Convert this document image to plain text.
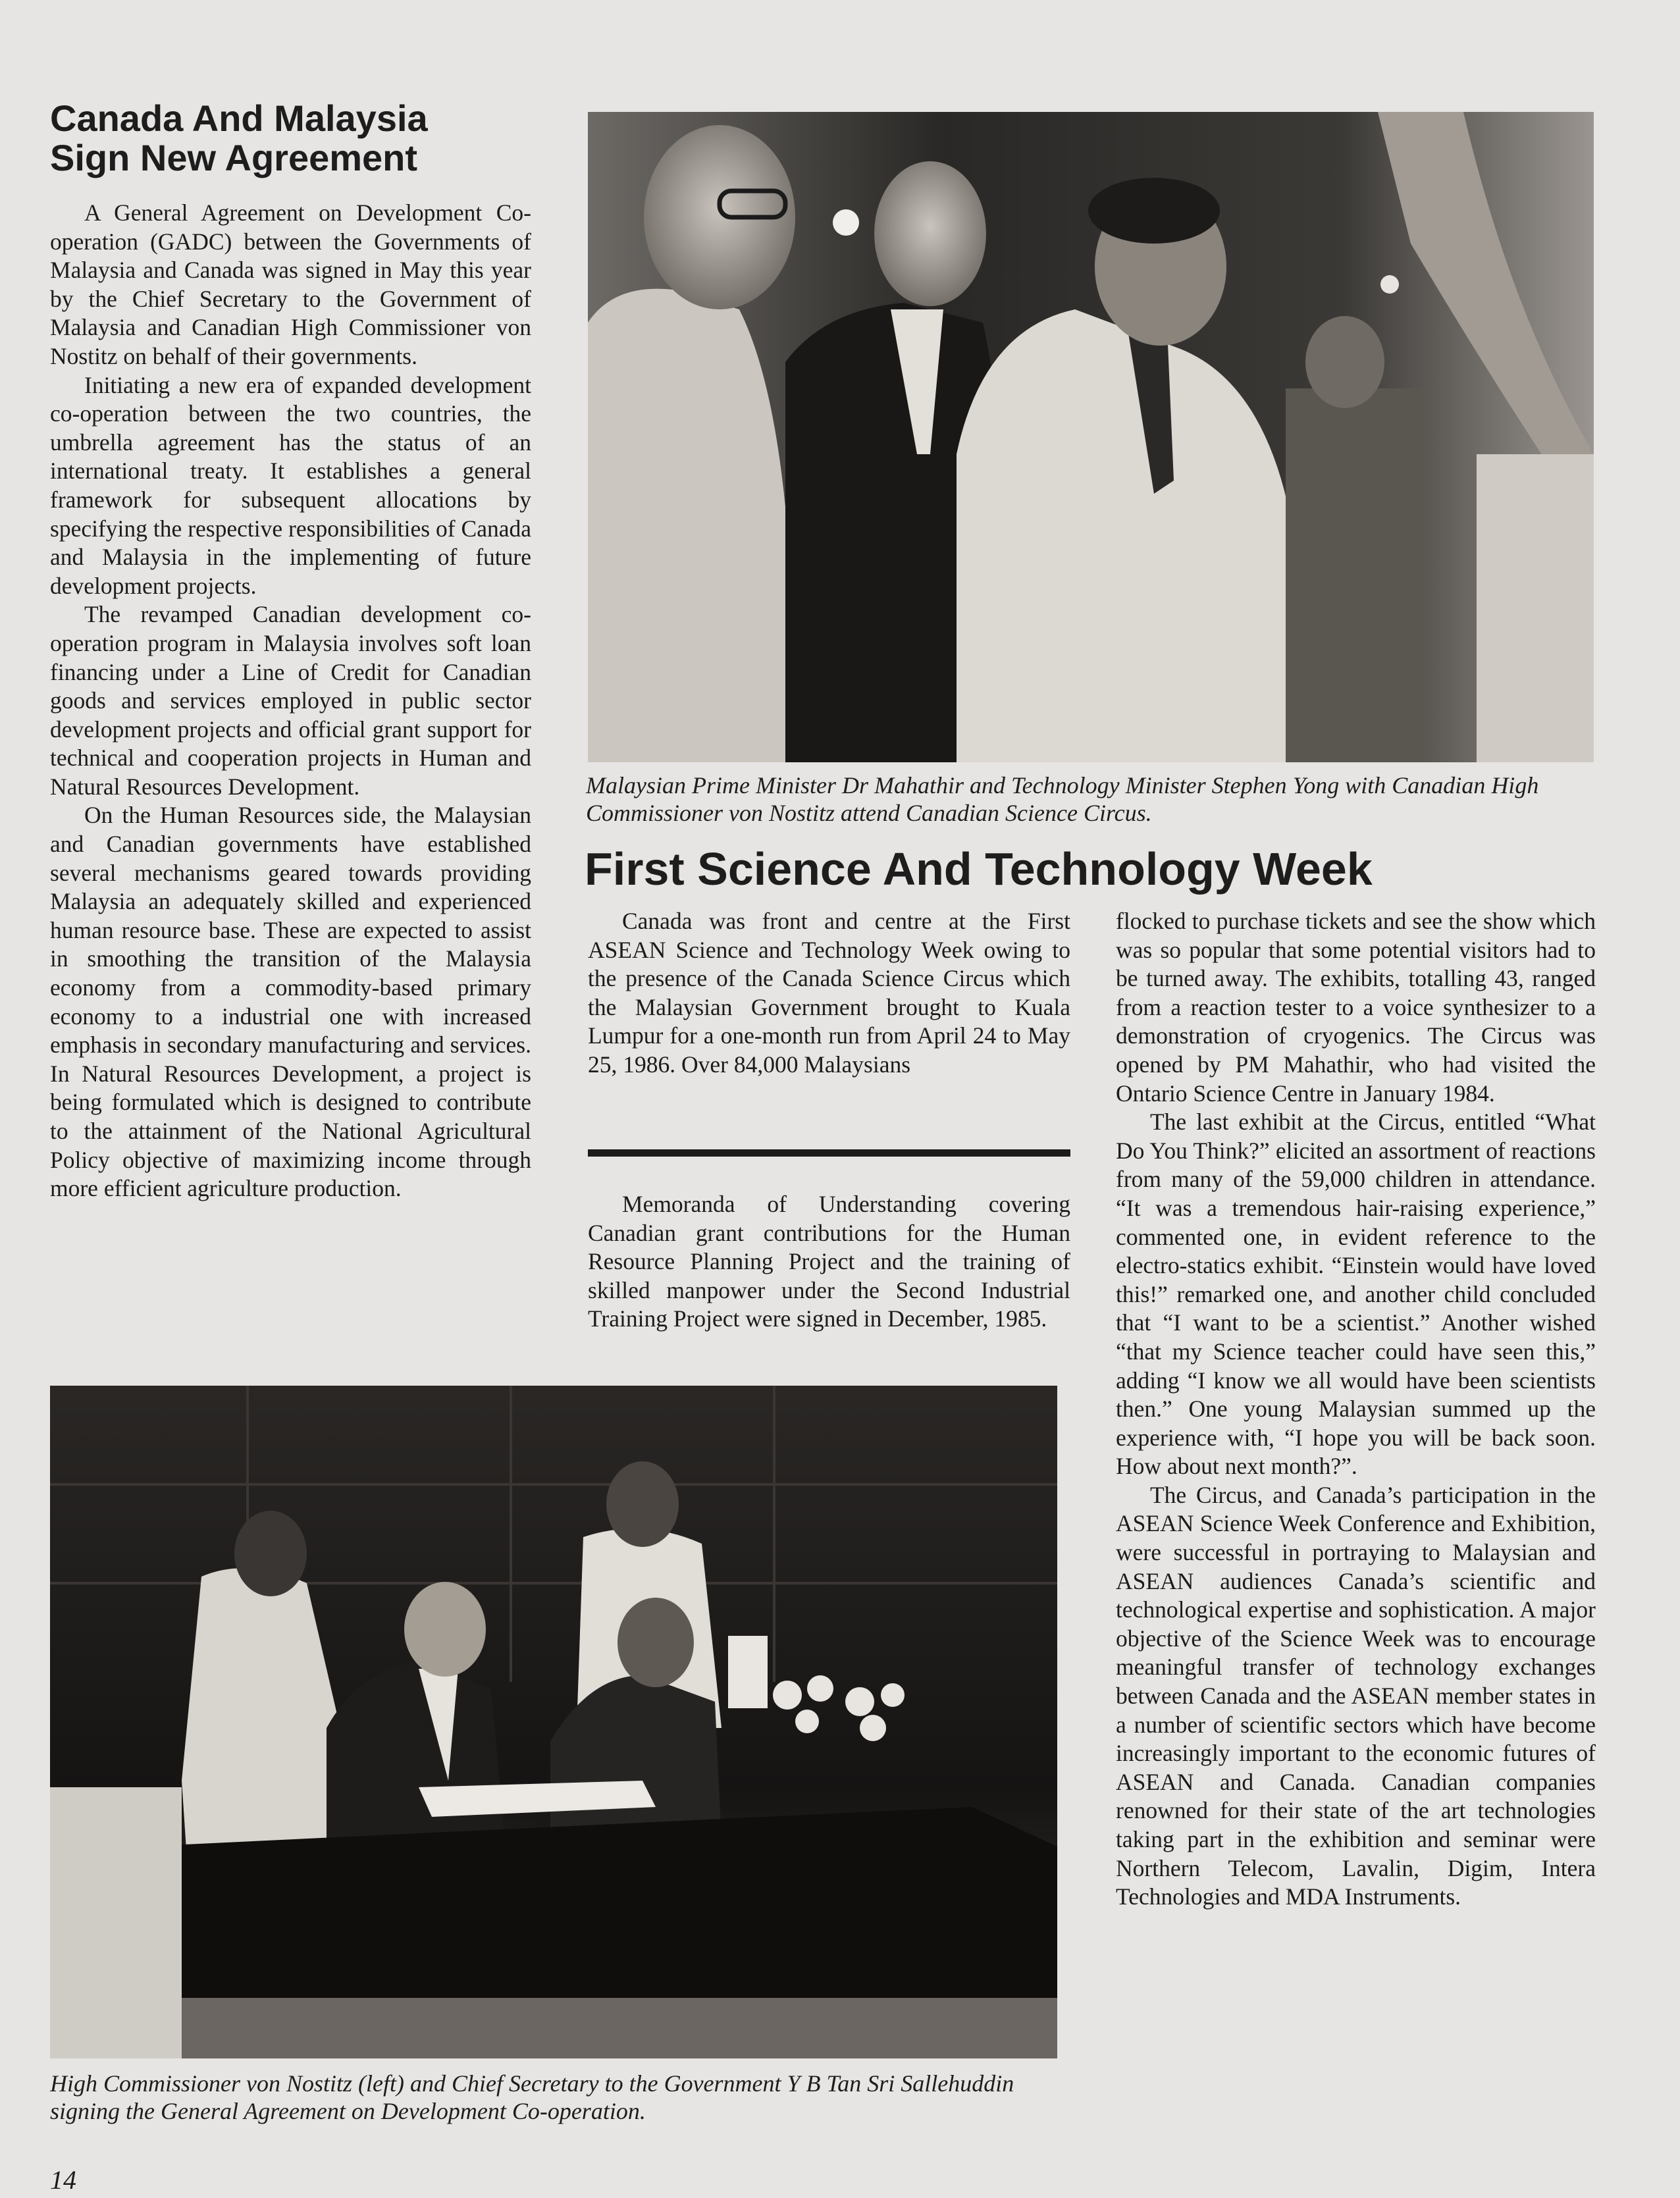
Canada And Malaysia Sign New Agreement

A General Agreement on Development Co-operation (GADC) between the Governments of Malaysia and Canada was signed in May this year by the Chief Secretary to the Government of Malaysia and Canadian High Commissioner von Nostitz on behalf of their governments.

Initiating a new era of expanded development co-operation between the two countries, the umbrella agreement has the status of an international treaty. It establishes a general framework for subsequent allocations by specifying the respective responsibilities of Canada and Malaysia in the implementing of future development projects.

The revamped Canadian development co-operation program in Malaysia involves soft loan financing under a Line of Credit for Canadian goods and services employed in public sector development projects and official grant support for technical and cooperation projects in Human and Natural Resources Development.

On the Human Resources side, the Malaysian and Canadian governments have established several mechanisms geared towards providing Malaysia an adequately skilled and experienced human resource base. These are expected to assist in smoothing the transition of the Malaysia economy from a commodity-based primary economy to a industrial one with increased emphasis in secondary manufacturing and services. In Natural Resources Development, a project is being formulated which is designed to contribute to the attainment of the National Agricultural Policy objective of maximizing income through more efficient agriculture production.

Malaysian Prime Minister Dr Mahathir and Technology Minister Stephen Yong with Canadian High Commissioner von Nostitz attend Canadian Science Circus.

First Science And Technology Week

Canada was front and centre at the First ASEAN Science and Technology Week owing to the presence of the Canada Science Circus which the Malaysian Government brought to Kuala Lumpur for a one-month run from April 24 to May 25, 1986. Over 84,000 Malaysians

Memoranda of Understanding covering Canadian grant contributions for the Human Resource Planning Project and the training of skilled manpower under the Second Industrial Training Project were signed in December, 1985.

flocked to purchase tickets and see the show which was so popular that some potential visitors had to be turned away. The exhibits, totalling 43, ranged from a reaction tester to a voice synthesizer to a demonstration of cryogenics. The Circus was opened by PM Mahathir, who had visited the Ontario Science Centre in January 1984.

The last exhibit at the Circus, entitled “What Do You Think?” elicited an assortment of reactions from many of the 59,000 children in attendance. “It was a tremendous hair-raising experience,” commented one, in evident reference to the electro-statics exhibit. “Einstein would have loved this!” remarked one, and another child concluded that “I want to be a scientist.” Another wished “that my Science teacher could have seen this,” adding “I know we all would have been scientists then.” One young Malaysian summed up the experience with, “I hope you will be back soon. How about next month?”.

The Circus, and Canada’s participation in the ASEAN Science Week Conference and Exhibition, were successful in portraying to Malaysian and ASEAN audiences Canada’s scientific and technological expertise and sophistication. A major objective of the Science Week was to encourage meaningful transfer of technology exchanges between Canada and the ASEAN member states in a number of scientific sectors which have become increasingly important to the economic futures of ASEAN and Canada. Canadian companies renowned for their state of the art technologies taking part in the exhibition and seminar were Northern Telecom, Lavalin, Digim, Intera Technologies and MDA Instruments.

High Commissioner von Nostitz (left) and Chief Secretary to the Government Y B Tan Sri Sallehuddin signing the General Agreement on Development Co-operation.

14
